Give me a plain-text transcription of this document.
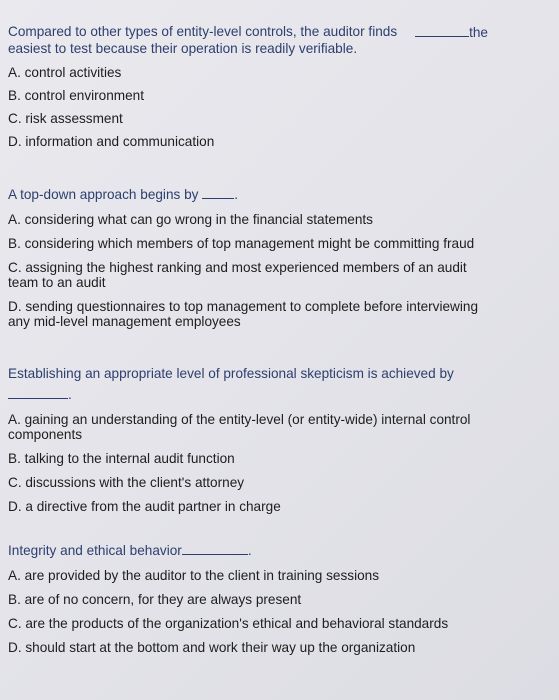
Compared to other types of entity-level controls, the auditor finds	the
easiest to test because their operation is readily verifiable.

A. control activities

B. control environment

C. risk assessment

D. information and communication

A top-down approach begins by	.

A. considering what can go wrong in the financial statements

B. considering which members of top management might be committing fraud

C. assigning the highest ranking and most experienced members of an audit
team to an audit

D. sending questionnaires to top management to complete before interviewing
any mid-level management employees

Establishing an appropriate level of professional skepticism is achieved by
.

A. gaining an understanding of the entity-level (or entity-wide) internal control
components

B. talking to the internal audit function

C. discussions with the client's attorney

D. a directive from the audit partner in charge

Integrity and ethical behavior	.

A. are provided by the auditor to the client in training sessions

B. are of no concern, for they are always present

C. are the products of the organization's ethical and behavioral standards

D. should start at the bottom and work their way up the organization
